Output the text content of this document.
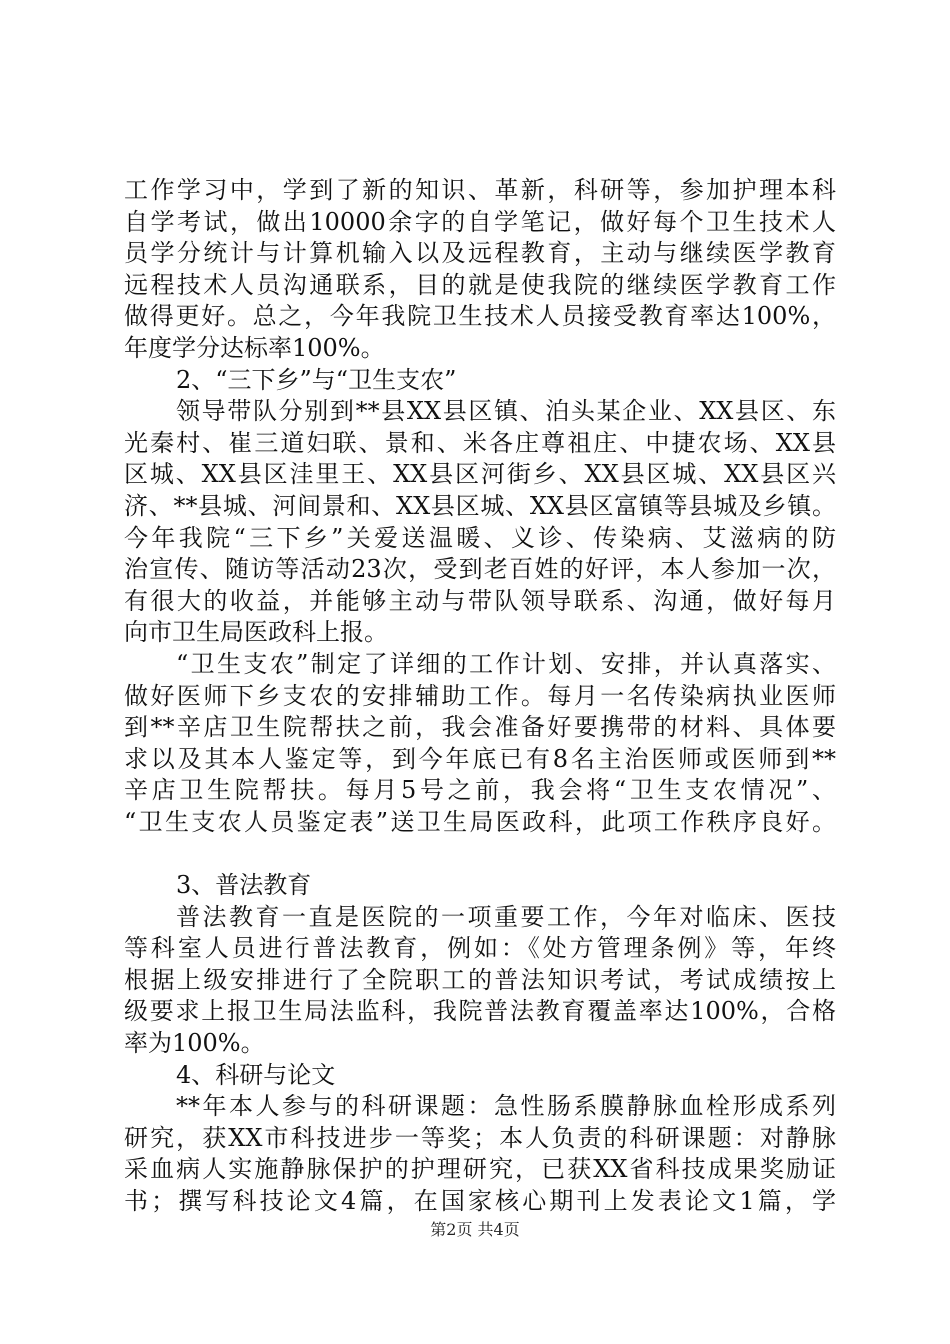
工作学习中，学到了新的知识、革新，科研等，参加护理本科
自学考试，做出10000余字的自学笔记，做好每个卫生技术人
员学分统计与计算机输入以及远程教育，主动与继续医学教育
远程技术人员沟通联系，目的就是使我院的继续医学教育工作
做得更好。总之，今年我院卫生技术人员接受教育率达100%，
年度学分达标率100%。
2、“三下乡”与“卫生支农”
领导带队分别到**县XX县区镇、泊头某企业、XX县区、东
光秦村、崔三道妇联、景和、米各庄尊祖庄、中捷农场、XX县
区城、XX县区洼里王、XX县区河街乡、XX县区城、XX县区兴
济、**县城、河间景和、XX县区城、XX县区富镇等县城及乡镇。
今年我院“三下乡”关爱送温暖、义诊、传染病、艾滋病的防
治宣传、随访等活动23次，受到老百姓的好评，本人参加一次，
有很大的收益，并能够主动与带队领导联系、沟通，做好每月
向市卫生局医政科上报。
“卫生支农”制定了详细的工作计划、安排，并认真落实、
做好医师下乡支农的安排辅助工作。每月一名传染病执业医师
到**辛店卫生院帮扶之前，我会准备好要携带的材料、具体要
求以及其本人鉴定等，到今年底已有8名主治医师或医师到**
辛店卫生院帮扶。每月5号之前，我会将“卫生支农情况”、
“卫生支农人员鉴定表”送卫生局医政科，此项工作秩序良好。
3、普法教育
普法教育一直是医院的一项重要工作，今年对临床、医技
等科室人员进行普法教育，例如：《处方管理条例》等，年终
根据上级安排进行了全院职工的普法知识考试，考试成绩按上
级要求上报卫生局法监科，我院普法教育覆盖率达100%，合格
率为100%。
4、科研与论文
**年本人参与的科研课题：急性肠系膜静脉血栓形成系列
研究，获XX市科技进步一等奖；本人负责的科研课题：对静脉
采血病人实施静脉保护的护理研究，已获XX省科技成果奖励证
书；撰写科技论文4篇，在国家核心期刊上发表论文1篇，学
第2页 共4页
